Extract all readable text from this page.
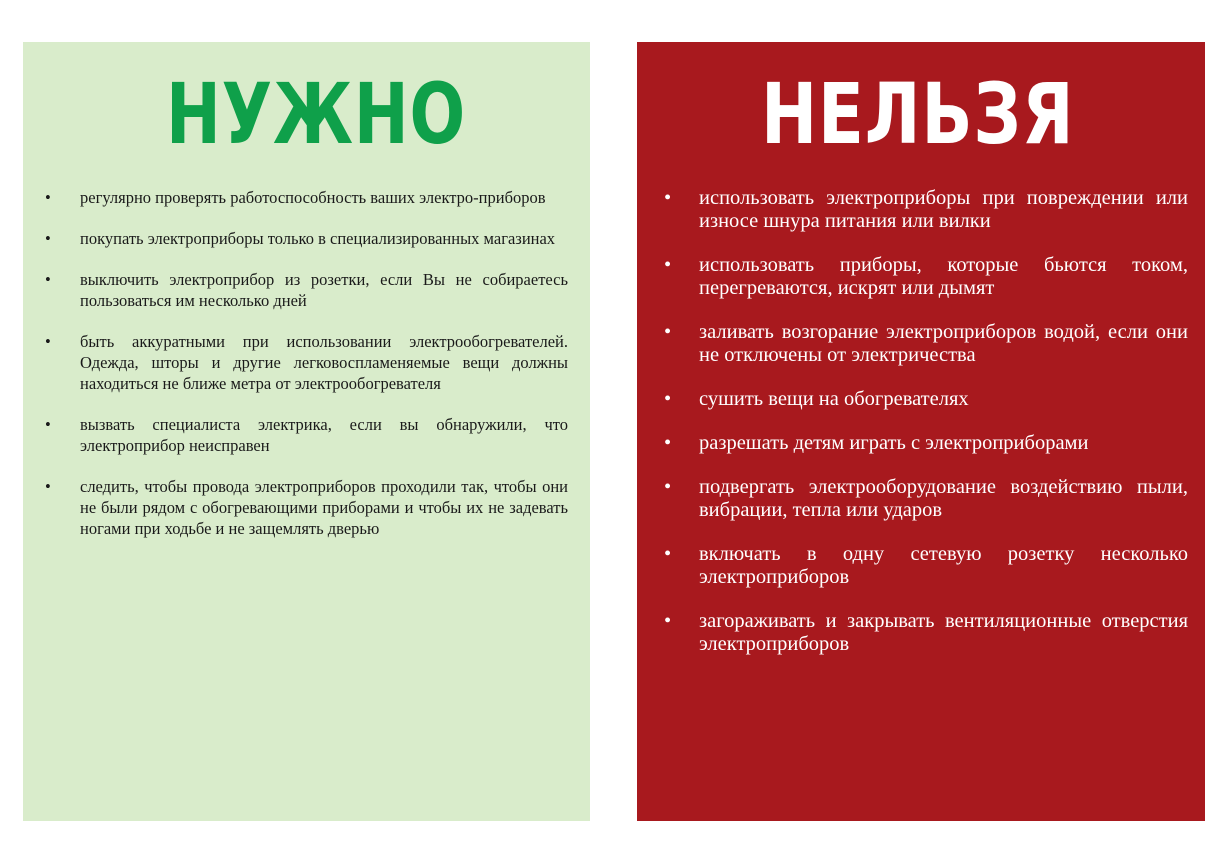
НУЖНО
• регулярно проверять работоспособность ваших электро-приборов
• покупать электроприборы только в специализированных магазинах
• выключить электроприбор из розетки, если Вы не собираетесь пользоваться им несколько дней
• быть аккуратными при использовании электрообогревателей. Одежда, шторы и другие легковоспламеняемые вещи должны находиться не ближе метра от электрообогревателя
• вызвать специалиста электрика, если вы обнаружили, что электроприбор неисправен
• следить, чтобы провода электроприборов проходили так, чтобы они не были рядом с обогревающими приборами и чтобы их не задевать ногами при ходьбе и не защемлять дверью
НЕЛЬЗЯ
• использовать электроприборы при повреждении или износе шнура питания или вилки
• использовать приборы, которые бьются током, перегреваются, искрят или дымят
• заливать возгорание электроприборов водой, если они не отключены от электричества
• сушить вещи на обогревателях
• разрешать детям играть с электроприборами
• подвергать электрооборудование воздействию пыли, вибрации, тепла или ударов
• включать в одну сетевую розетку несколько электроприборов
• загораживать и закрывать вентиляционные отверстия электроприборов
